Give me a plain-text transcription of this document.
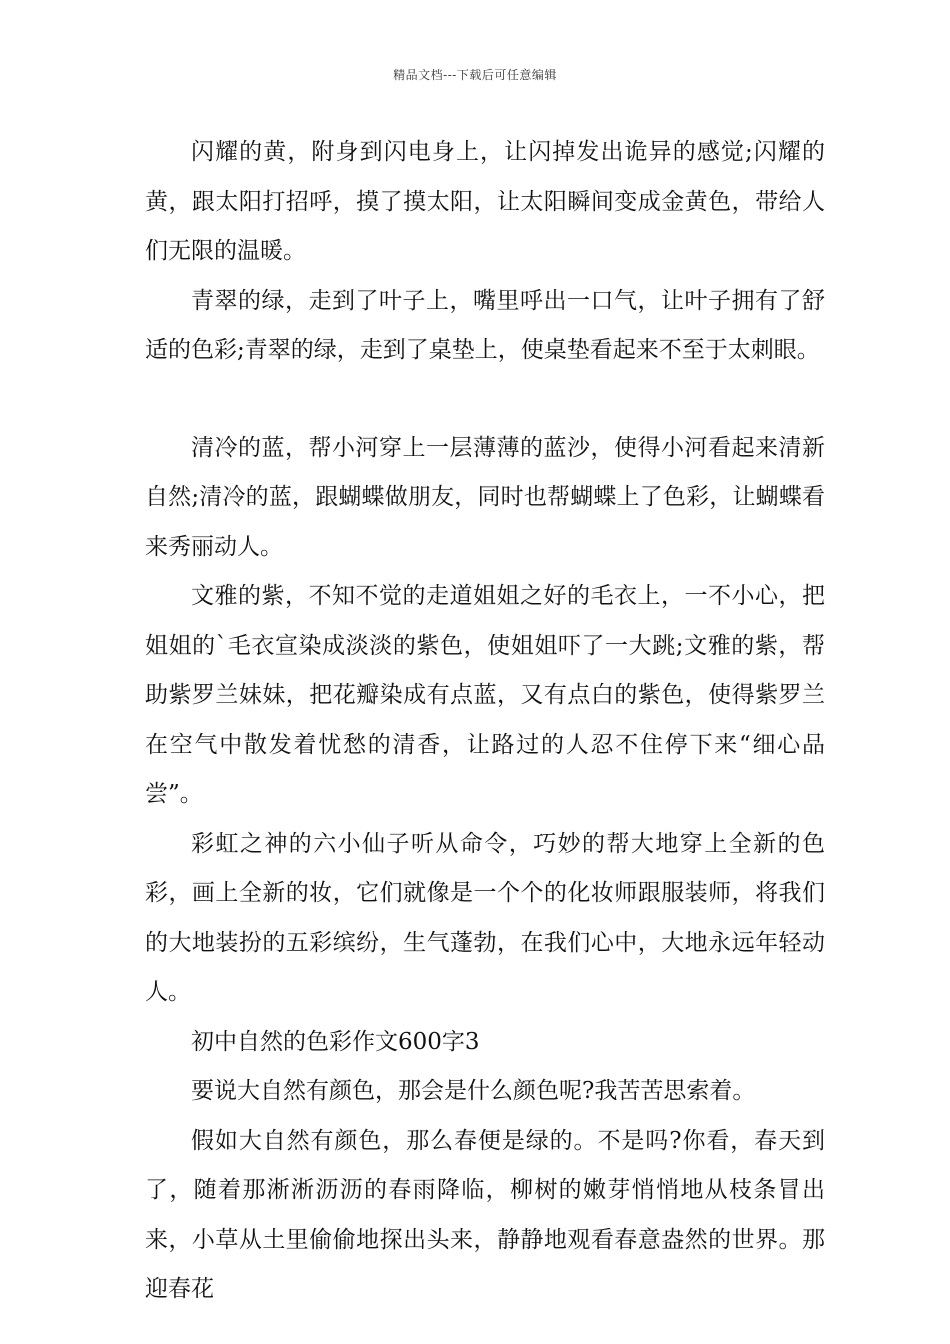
精品文档---下载后可任意编辑

闪耀的黄，附身到闪电身上，让闪掉发出诡异的感觉;闪耀的黄，跟太阳打招呼，摸了摸太阳，让太阳瞬间变成金黄色，带给人们无限的温暖。

青翠的绿，走到了叶子上，嘴里呼出一口气，让叶子拥有了舒适的色彩;青翠的绿，走到了桌垫上，使桌垫看起来不至于太刺眼。

清冷的蓝，帮小河穿上一层薄薄的蓝沙，使得小河看起来清新自然;清冷的蓝，跟蝴蝶做朋友，同时也帮蝴蝶上了色彩，让蝴蝶看来秀丽动人。

文雅的紫，不知不觉的走道姐姐之好的毛衣上，一不小心，把姐姐的`毛衣宣染成淡淡的紫色，使姐姐吓了一大跳;文雅的紫，帮助紫罗兰妹妹，把花瓣染成有点蓝，又有点白的紫色，使得紫罗兰在空气中散发着忧愁的清香，让路过的人忍不住停下来“细心品尝”。

彩虹之神的六小仙子听从命令，巧妙的帮大地穿上全新的色彩，画上全新的妆，它们就像是一个个的化妆师跟服装师，将我们的大地装扮的五彩缤纷，生气蓬勃，在我们心中，大地永远年轻动人。

初中自然的色彩作文600字3

要说大自然有颜色，那会是什么颜色呢?我苦苦思索着。

假如大自然有颜色，那么春便是绿的。不是吗?你看，春天到了，随着那淅淅沥沥的春雨降临，柳树的嫩芽悄悄地从枝条冒出来，小草从土里偷偷地探出头来，静静地观看春意盎然的世界。那迎春花
